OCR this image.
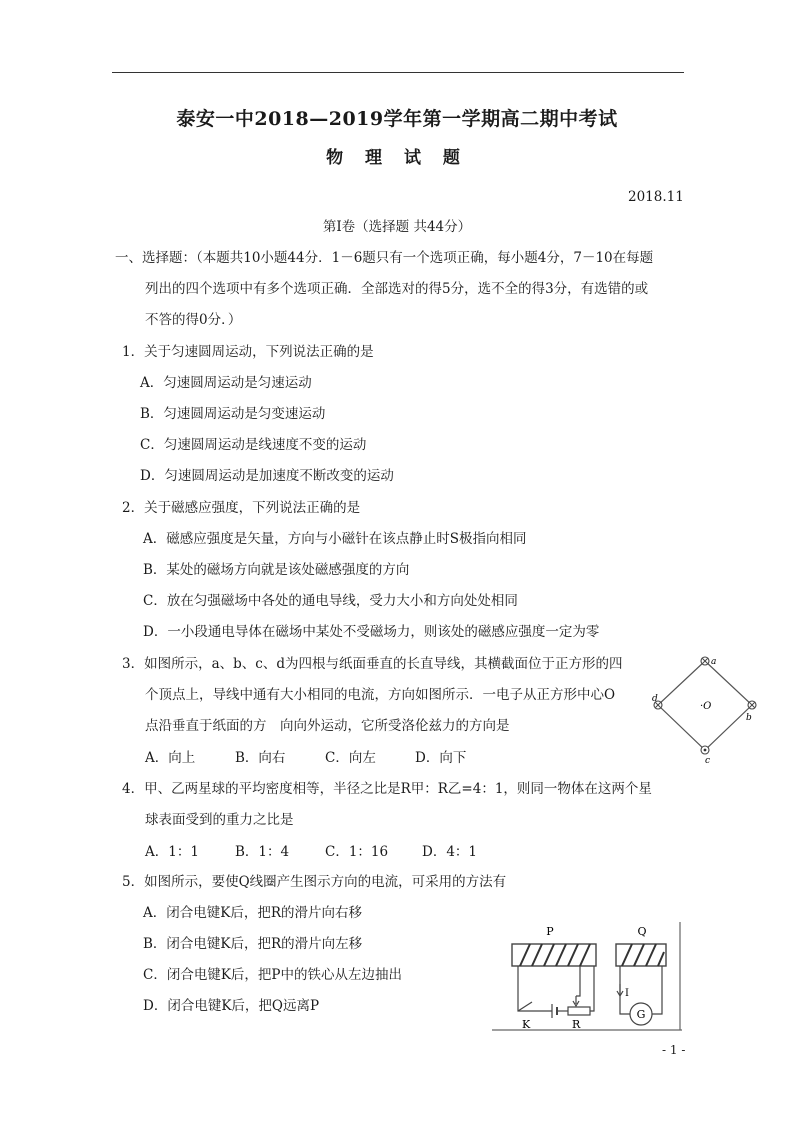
泰安一中2018—2019学年第一学期高二期中考试
物 理 试 题
2018.11
第Ⅰ卷（选择题 共44分）
一、选择题：（本题共10小题44分．1－6题只有一个选项正确，每小题4分，7－10在每题
列出的四个选项中有多个选项正确．全部选对的得5分，选不全的得3分，有选错的或
不答的得0分．）
1．关于匀速圆周运动，下列说法正确的是
A．匀速圆周运动是匀速运动
B．匀速圆周运动是匀变速运动
C．匀速圆周运动是线速度不变的运动
D．匀速圆周运动是加速度不断改变的运动
2．关于磁感应强度，下列说法正确的是
A．磁感应强度是矢量，方向与小磁针在该点静止时S极指向相同
B．某处的磁场方向就是该处磁感强度的方向
C．放在匀强磁场中各处的通电导线，受力大小和方向处处相同
D．一小段通电导体在磁场中某处不受磁场力，则该处的磁感应强度一定为零
3．如图所示，a、b、c、d为四根与纸面垂直的长直导线，其横截面位于正方形的四
个顶点上，导线中通有大小相同的电流，方向如图所示．一电子从正方形中心O
点沿垂直于纸面的方　向向外运动，它所受洛伦兹力的方向是
A．向上	B．向右	C．向左	D．向下
a
b
c
d
·O
4．甲、乙两星球的平均密度相等，半径之比是R甲：R乙=4：1，则同一物体在这两个星
球表面受到的重力之比是
A．1：1	B．1：4	C．1：16	D．4：1
5．如图所示，要使Q线圈产生图示方向的电流，可采用的方法有
A．闭合电键K后，把R的滑片向右移
B．闭合电键K后，把R的滑片向左移
C．闭合电键K后，把P中的铁心从左边抽出
D．闭合电键K后，把Q远离P
P
K	R
Q
I
G
- 1 -
